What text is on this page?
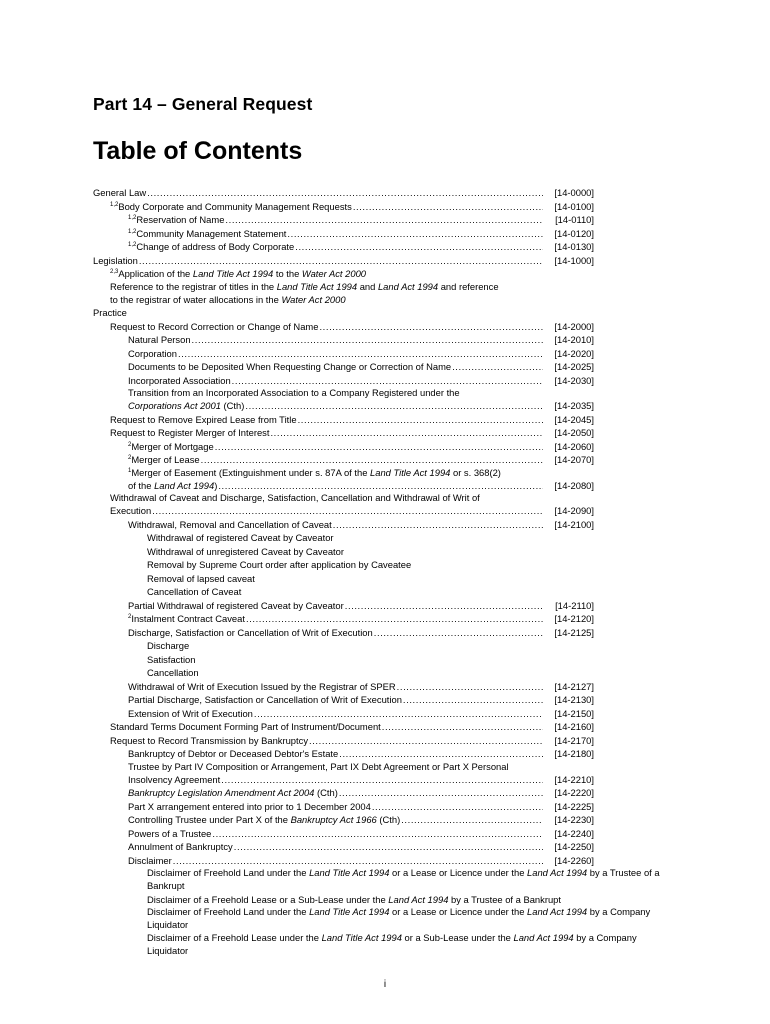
Part 14 – General Request
Table of Contents
General Law .....	[14-0000]
$^{1,2}$Body Corporate and Community Management Requests .....	[14-0100]
$^{1,2}$Reservation of Name .....	[14-0110]
$^{1,2}$Community Management Statement .....	[14-0120]
$^{1,2}$Change of address of Body Corporate .....	[14-0130]
Legislation .....	[14-1000]
$^{2,3}$Application of the Land Title Act 1994 to the Water Act 2000
Reference to the registrar of titles in the Land Title Act 1994 and Land Act 1994 and reference
to the registrar of water allocations in the Water Act 2000
Practice
Request to Record Correction or Change of Name .....	[14-2000]
Natural Person .....	[14-2010]
Corporation .....	[14-2020]
Documents to be Deposited When Requesting Change or Correction of Name .....	[14-2025]
Incorporated Association .....	[14-2030]
Transition from an Incorporated Association to a Company Registered under the
Corporations Act 2001 (Cth) .....	[14-2035]
Request to Remove Expired Lease from Title .....	[14-2045]
Request to Register Merger of Interest .....	[14-2050]
$^2$Merger of Mortgage .....	[14-2060]
$^2$Merger of Lease .....	[14-2070]
$^1$Merger of Easement (Extinguishment under s. 87A of the Land Title Act 1994 or s. 368(2)
of the Land Act 1994) .....	[14-2080]
Withdrawal of Caveat and Discharge, Satisfaction, Cancellation and Withdrawal of Writ of
Execution .....	[14-2090]
Withdrawal, Removal and Cancellation of Caveat .....	[14-2100]
Withdrawal of registered Caveat by Caveator
Withdrawal of unregistered Caveat by Caveator
Removal by Supreme Court order after application by Caveatee
Removal of lapsed caveat
Cancellation of Caveat
Partial Withdrawal of registered Caveat by Caveator .....	[14-2110]
$^2$Instalment Contract Caveat .....	[14-2120]
Discharge, Satisfaction or Cancellation of Writ of Execution .....	[14-2125]
Discharge
Satisfaction
Cancellation
Withdrawal of Writ of Execution Issued by the Registrar of SPER .....	[14-2127]
Partial Discharge, Satisfaction or Cancellation of Writ of Execution .....	[14-2130]
Extension of Writ of Execution .....	[14-2150]
Standard Terms Document Forming Part of Instrument/Document .....	[14-2160]
Request to Record Transmission by Bankruptcy .....	[14-2170]
Bankruptcy of Debtor or Deceased Debtor's Estate .....	[14-2180]
Trustee by Part IV Composition or Arrangement, Part IX Debt Agreement or Part X Personal
Insolvency Agreement .....	[14-2210]
Bankruptcy Legislation Amendment Act 2004 (Cth) .....	[14-2220]
Part X arrangement entered into prior to 1 December 2004 .....	[14-2225]
Controlling Trustee under Part X of the Bankruptcy Act 1966 (Cth) .....	[14-2230]
Powers of a Trustee .....	[14-2240]
Annulment of Bankruptcy .....	[14-2250]
Disclaimer .....	[14-2260]
Disclaimer of Freehold Land under the Land Title Act 1994 or a Lease or Licence under the Land Act 1994 by a Trustee of a
Bankrupt
Disclaimer of a Freehold Lease or a Sub-Lease under the Land Act 1994 by a Trustee of a Bankrupt
Disclaimer of Freehold Land under the Land Title Act 1994 or a Lease or Licence under the Land Act 1994 by a Company
Liquidator
Disclaimer of a Freehold Lease under the Land Title Act 1994 or a Sub-Lease under the Land Act 1994 by a Company
Liquidator
i
